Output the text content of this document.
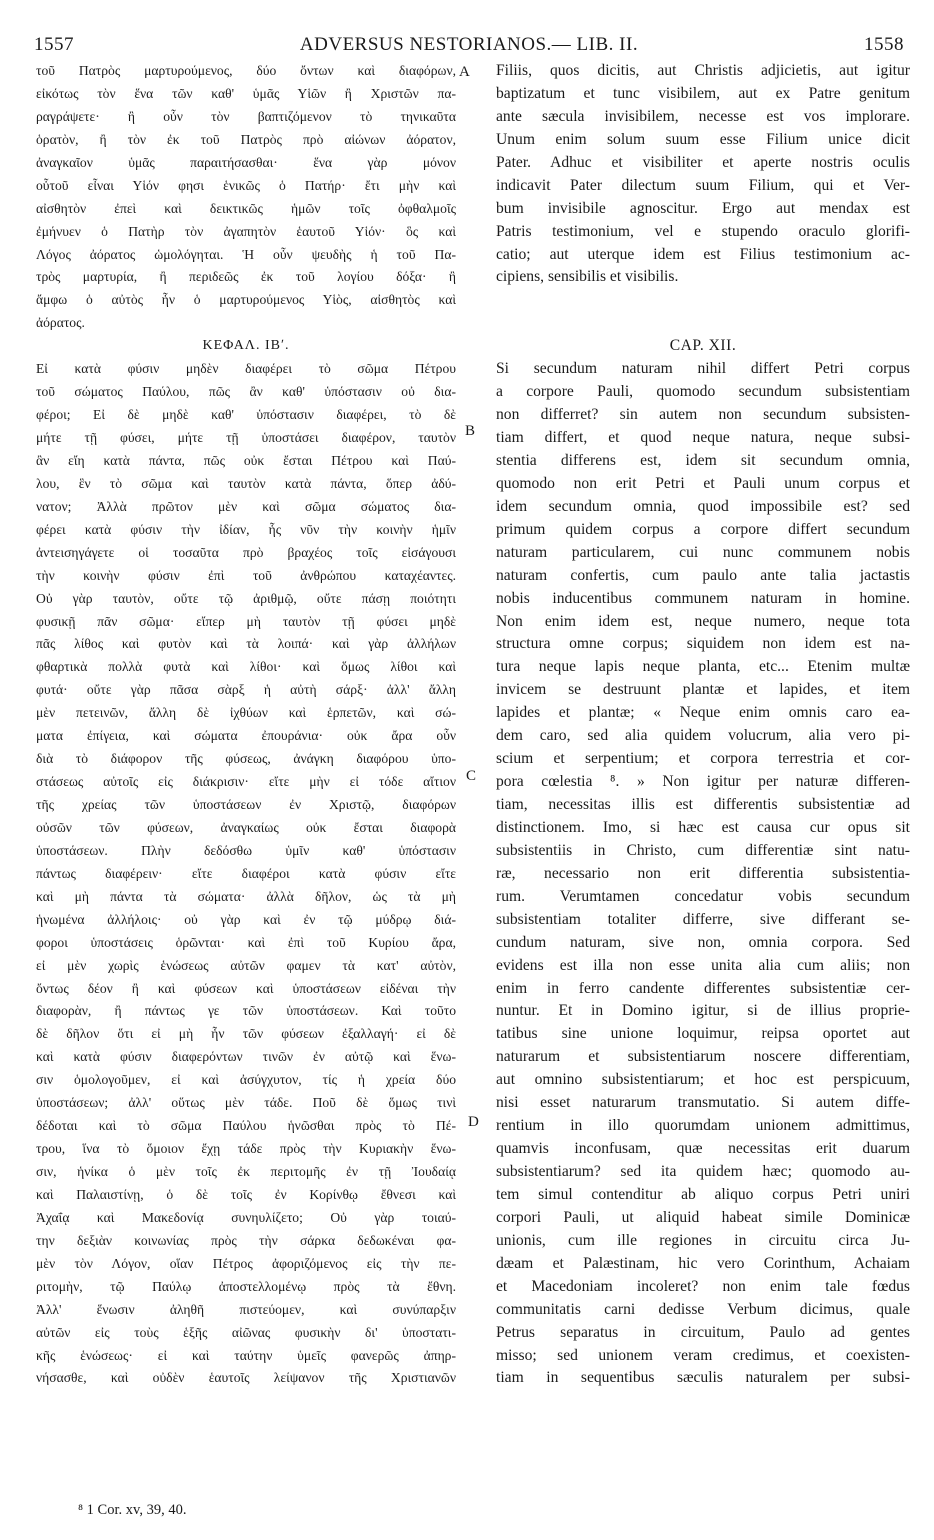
1557	ADVERSUS NESTORIANOS.— LIB. II.	1558
τοῦ Πατρὸς μαρτυρούμενος, δύο ὄντων καὶ διαφόρων,
εἰκότως τὸν ἕνα τῶν καθ' ὑμᾶς Υἱῶν ἢ Χριστῶν πα-
ραγράψετε· ἢ οὖν τὸν βαπτιζόμενον τὸ τηνικαῦτα
ὁρατὸν, ἢ τὸν ἐκ τοῦ Πατρὸς πρὸ αἰώνων ἀόρατον,
ἀναγκαῖον ὑμᾶς παραιτήσασθαι· ἕνα γὰρ μόνον
οὗτοῦ εἶναι Υἱόν φησι ἑνικῶς ὁ Πατήρ· ἔτι μὴν καὶ
αἰσθητὸν ἐπεὶ καὶ δεικτικῶς ἡμῶν τοῖς ὀφθαλμοῖς
ἐμήνυεν ὁ Πατὴρ τὸν ἀγαπητὸν ἑαυτοῦ Υἱόν· ὃς καὶ
Λόγος ἀόρατος ὡμολόγηται. Ἡ οὖν ψευδὴς ἡ τοῦ Πα-
τρὸς μαρτυρία, ἢ περιδεῶς ἐκ τοῦ λογίου δόξα· ἢ
ἄμφω ὁ αὐτὸς ἦν ὁ μαρτυρούμενος Υἱὸς, αἰσθητὸς καὶ
ἀόρατος.
ΚΕΦΑΛ. ΙΒʹ.
Εἰ κατὰ φύσιν μηδὲν διαφέρει τὸ σῶμα Πέτρου
τοῦ σώματος Παύλου, πῶς ἂν καθ' ὑπόστασιν οὐ δια-
φέροι; Εἰ δὲ μηδὲ καθ' ὑπόστασιν διαφέρει, τὸ δὲ
μήτε τῇ φύσει, μήτε τῇ ὑποστάσει διαφέρον, ταυτὸν
ἂν εἴη κατὰ πάντα, πῶς οὐκ ἔσται Πέτρου καὶ Παύ-
λου, ἓν τὸ σῶμα καὶ ταυτὸν κατὰ πάντα, ὅπερ ἀδύ-
νατον; Ἀλλὰ πρῶτον μὲν καὶ σῶμα σώματος δια-
φέρει κατὰ φύσιν τὴν ἰδίαν, ἧς νῦν τὴν κοινὴν ἡμῖν
ἀντεισηγάγετε οἱ τοσαῦτα πρὸ βραχέος τοῖς εἰσάγουσι
τὴν κοινὴν φύσιν ἐπὶ τοῦ ἀνθρώπου καταχέαντες.
Οὐ γὰρ ταυτὸν, οὔτε τῷ ἀριθμῷ, οὔτε πάσῃ ποιότητι
φυσικῇ πᾶν σῶμα· εἴπερ μὴ ταυτὸν τῇ φύσει μηδὲ
πᾶς λίθος καὶ φυτὸν καὶ τὰ λοιπά· καὶ γὰρ ἀλλήλων
φθαρτικὰ πολλὰ φυτὰ καὶ λίθοι· καὶ ὅμως λίθοι καὶ
φυτά· οὔτε γὰρ πᾶσα σὰρξ ἡ αὐτὴ σάρξ· ἀλλ' ἄλλη
μὲν πετεινῶν, ἄλλη δὲ ἰχθύων καὶ ἑρπετῶν, καὶ σώ-
ματα ἐπίγεια, καὶ σώματα ἐπουράνια· οὐκ ἄρα οὖν
διὰ τὸ διάφορον τῆς φύσεως, ἀνάγκη διαφόρου ὑπο-
στάσεως αὐτοῖς εἰς διάκρισιν· εἴτε μὴν εἰ τόδε αἴτιον
τῆς χρείας τῶν ὑποστάσεων ἐν Χριστῷ, διαφόρων
οὐσῶν τῶν φύσεων, ἀναγκαίως οὐκ ἔσται διαφορὰ
ὑποστάσεων. Πλὴν δεδόσθω ὑμῖν καθ' ὑπόστασιν
πάντως διαφέρειν· εἴτε διαφέροι κατὰ φύσιν εἴτε
καὶ μὴ πάντα τὰ σώματα· ἀλλὰ δῆλον, ὡς τὰ μὴ
ἡνωμένα ἀλλήλοις· οὐ γὰρ καὶ ἐν τῷ μύδρῳ διά-
φοροι ὑποστάσεις ὁρῶνται· καὶ ἐπὶ τοῦ Κυρίου ἄρα,
εἰ μὲν χωρὶς ἑνώσεως αὐτῶν φαμεν τὰ κατ' αὐτὸν,
ὄντως δέον ἢ καὶ φύσεων καὶ ὑποστάσεων εἰδέναι τὴν
διαφορὰν, ἢ πάντως γε τῶν ὑποστάσεων. Καὶ τοῦτο
δὲ δῆλον ὅτι εἰ μὴ ἦν τῶν φύσεων ἐξαλλαγή· εἰ δὲ
καὶ κατὰ φύσιν διαφερόντων τινῶν ἐν αὐτῷ καὶ ἕνω-
σιν ὁμολογοῦμεν, εἰ καὶ ἀσύγχυτον, τίς ἡ χρεία δύο
ὑποστάσεων; ἀλλ' οὕτως μὲν τάδε. Ποῦ δὲ ὅμως τινὶ
δέδοται καὶ τὸ σῶμα Παύλου ἡνῶσθαι πρὸς τὸ Πέ-
τρου, ἵνα τὸ ὅμοιον ἔχῃ τάδε πρὸς τὴν Κυριακὴν ἕνω-
σιν, ἡνίκα ὁ μὲν τοῖς ἐκ περιτομῆς ἐν τῇ Ἰουδαίᾳ
καὶ Παλαιστίνῃ, ὁ δὲ τοῖς ἐν Κορίνθῳ ἔθνεσι καὶ
Ἀχαΐᾳ καὶ Μακεδονίᾳ συνηυλίζετο; Οὐ γὰρ τοιαύ-
την δεξιὰν κοινωνίας πρὸς τὴν σάρκα δεδωκέναι φα-
μὲν τὸν Λόγον, οἵαν Πέτρος ἀφοριζόμενος εἰς τὴν πε-
ριτομὴν, τῷ Παύλῳ ἀποστελλομένῳ πρὸς τὰ ἔθνη.
Ἀλλ' ἕνωσιν ἀληθῆ πιστεύομεν, καὶ συνύπαρξιν
αὐτῶν εἰς τοὺς ἑξῆς αἰῶνας φυσικὴν δι' ὑποστατι-
κῆς ἑνώσεως· εἰ καὶ ταύτην ὑμεῖς φανερῶς ἀπηρ-
νήσασθε, καὶ οὐδὲν ἑαυτοῖς λείψανον τῆς Χριστιανῶν
Filiis, quos dicitis, aut Christis adjicietis, aut igitur
baptizatum et tunc visibilem, aut ex Patre genitum
ante sæcula invisibilem, necesse est vos implorare.
Unum enim solum suum esse Filium unice dicit
Pater. Adhuc et visibiliter et aperte nostris oculis
indicavit Pater dilectum suum Filium, qui et Ver-
bum invisibile agnoscitur. Ergo aut mendax est
Patris testimonium, vel e stupendo oraculo glorifi-
catio; aut uterque idem est Filius testimonium ac-
cipiens, sensibilis et visibilis.
CAP. XII.
Si secundum naturam nihil differt Petri corpus
a corpore Pauli, quomodo secundum subsistentiam
non differret? sin autem non secundum subsisten-
tiam differt, et quod neque natura, neque subsi-
stentia differens est, idem sit secundum omnia,
quomodo non erit Petri et Pauli unum corpus et
idem secundum omnia, quod impossibile est? sed
primum quidem corpus a corpore differt secundum
naturam particularem, cui nunc communem nobis
naturam confertis, cum paulo ante talia jactastis
nobis inducentibus communem naturam in homine.
Non enim idem est, neque numero, neque tota
structura omne corpus; siquidem non idem est na-
tura neque lapis neque planta, etc... Etenim multæ
invicem se destruunt plantæ et lapides, et item
lapides et plantæ; « Neque enim omnis caro ea-
dem caro, sed alia quidem volucrum, alia vero pi-
scium et serpentium; et corpora terrestria et cor-
pora cœlestia ⁸. » Non igitur per naturæ differen-
tiam, necessitas illis est differentis subsistentiæ ad
distinctionem. Imo, si hæc est causa cur opus sit
subsistentiis in Christo, cum differentiæ sint natu-
ræ, necessario non erit differentia subsistentia-
rum. Verumtamen concedatur vobis secundum
subsistentiam totaliter differre, sive differant se-
cundum naturam, sive non, omnia corpora. Sed
evidens est illa non esse unita alia cum aliis; non
enim in ferro candente differentes subsistentiæ cer-
nuntur. Et in Domino igitur, si de illius proprie-
tatibus sine unione loquimur, reipsa oportet aut
naturarum et subsistentiarum noscere differentiam,
aut omnino subsistentiarum; et hoc est perspicuum,
nisi esset naturarum transmutatio. Si autem diffe-
rentium in illo quorumdam unionem admittimus,
quamvis inconfusam, quæ necessitas erit duarum
subsistentiarum? sed ita quidem hæc; quomodo au-
tem simul contenditur ab aliquo corpus Petri uniri
corpori Pauli, ut aliquid habeat simile Dominicæ
unionis, cum ille regiones in circuitu circa Ju-
dæam et Palæstinam, hic vero Corinthum, Achaiam
et Macedoniam incoleret? non enim tale fœdus
communitatis carni dedisse Verbum dicimus, quale
Petrus separatus in circuitum, Paulo ad gentes
misso; sed unionem veram credimus, et coexisten-
tiam in sequentibus sæculis naturalem per subsi-
A
B
C
D
⁸ 1 Cor. xv, 39, 40.
